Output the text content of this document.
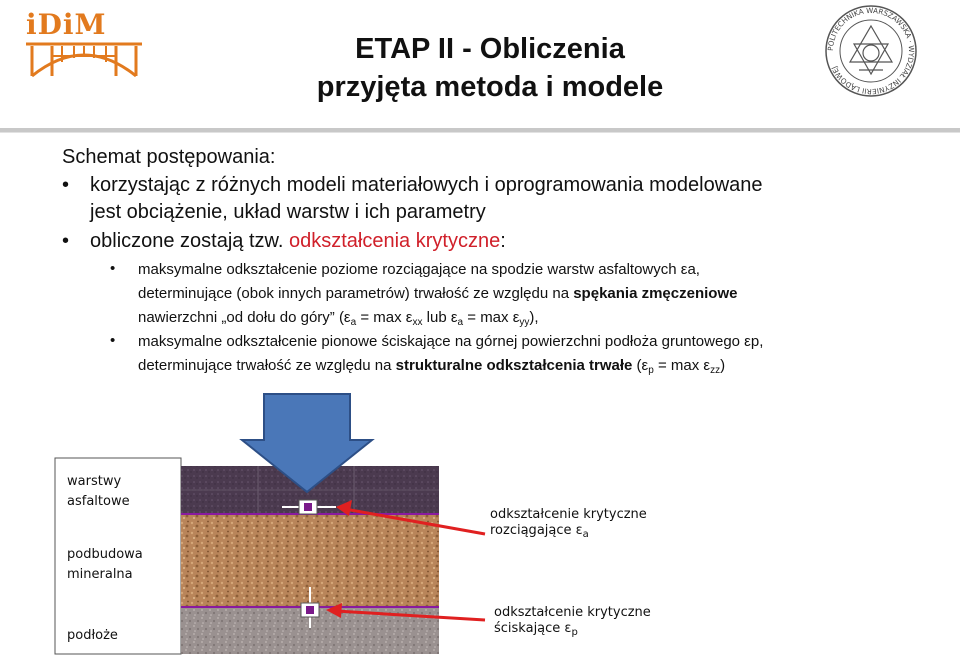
iDiM
ETAP II - Obliczenia
przyjęta metoda i modele
POLITECHNIKA WARSZAWSKA · WYDZIAŁ INŻYNIERII LĄDOWEJ
Schemat postępowania:
• korzystając z różnych modeli materiałowych i oprogramowania modelowane
jest obciążenie, układ warstw i ich parametry
• obliczone zostają tzw. odkształcenia krytyczne:
• maksymalne odkształcenie poziome rozciągające na spodzie warstw asfaltowych εa,
determinujące (obok innych parametrów) trwałość ze względu na spękania zmęczeniowe
nawierzchni „od dołu do góry” ($\varepsilon_a = \max \varepsilon_{xx}$ lub $\varepsilon_a = \max \varepsilon_{yy}$),
• maksymalne odkształcenie pionowe ściskające na górnej powierzchni podłoża gruntowego εp,
determinujące trwałość ze względu na strukturalne odkształcenia trwałe $(\varepsilon_p = \max \varepsilon_{zz})$
warstwy
asfaltowe
podbudowa
mineralna
podłoże
odkształcenie krytyczne
rozciągające $\varepsilon_a$
odkształcenie krytyczne
ściskające $\varepsilon_p$
